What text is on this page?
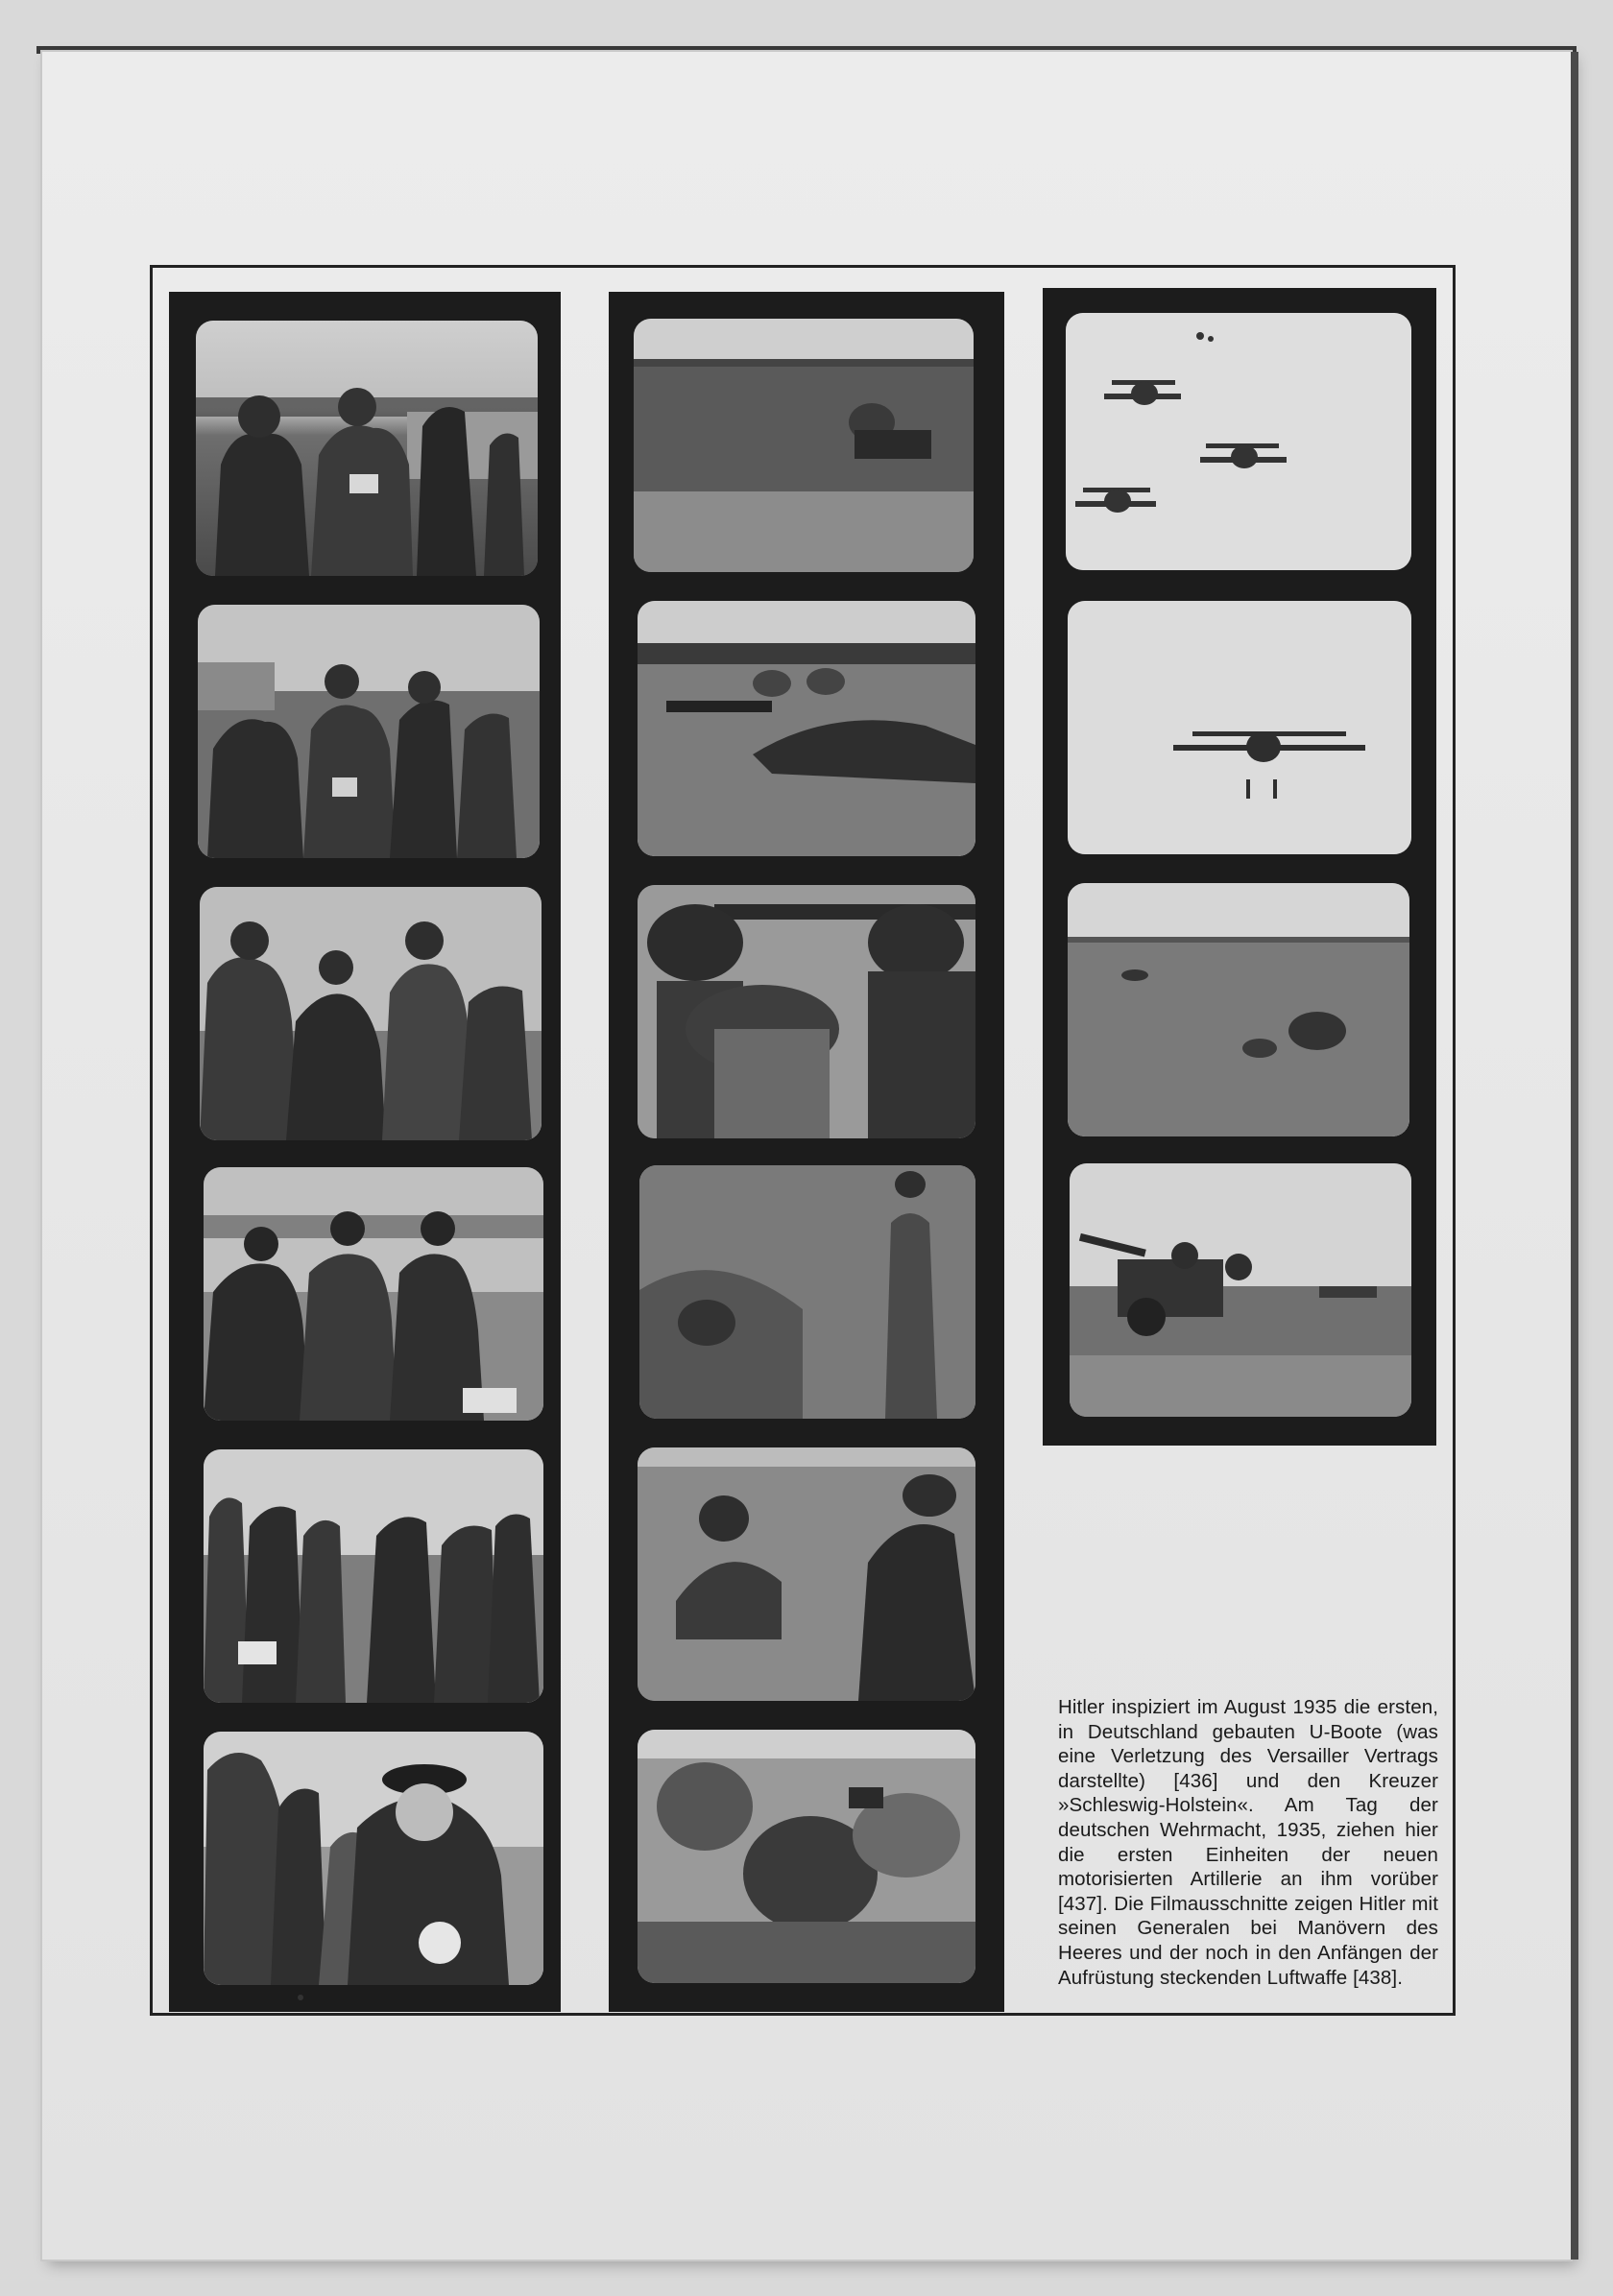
Hitler inspiziert im August 1935 die ersten, in Deutschland gebauten U-Boote (was eine Verletzung des Versailler Vertrags darstellte) [436] und den Kreuzer »Schleswig-Holstein«. Am Tag der deutschen Wehrmacht, 1935, ziehen hier die ersten Einheiten der neuen motorisierten Artillerie an ihm vorüber [437]. Die Filmausschnitte zeigen Hitler mit seinen Generalen bei Manövern des Heeres und der noch in den Anfängen der Aufrüstung steckenden Luftwaffe [438].
